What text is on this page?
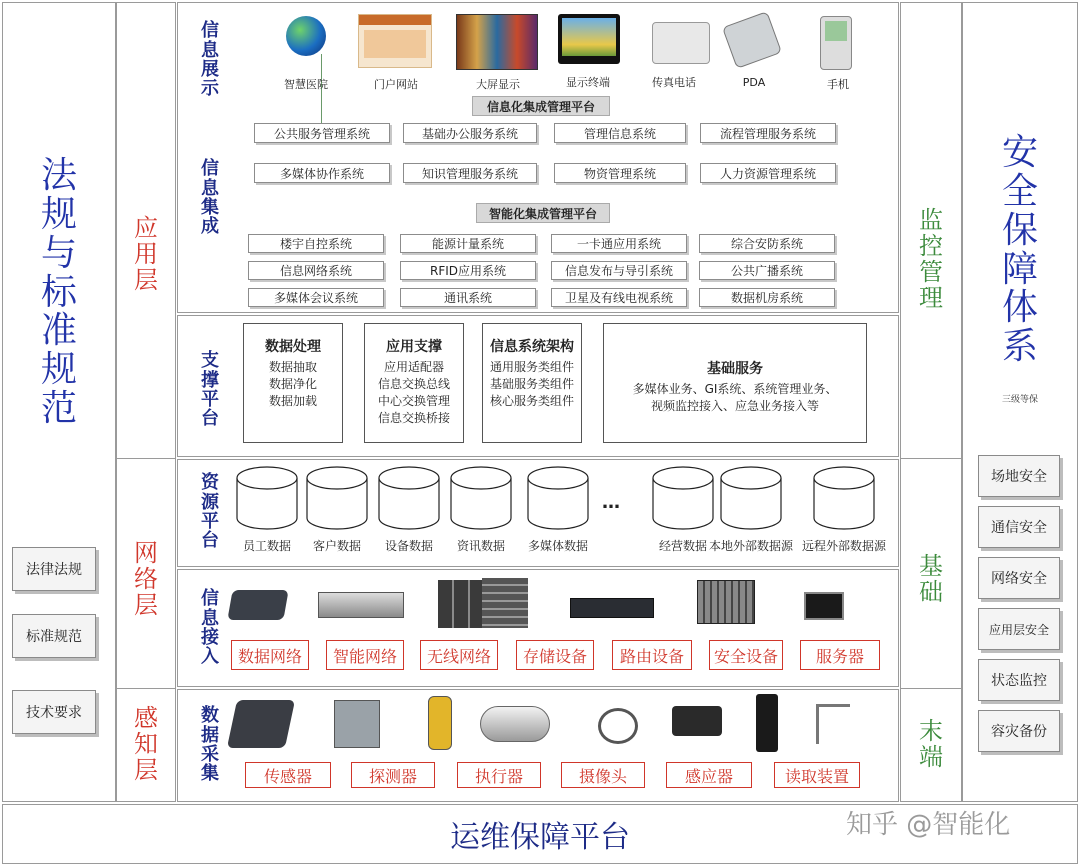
法
规
与
标
准
规
范
法律法规
标准规范
技术要求
应
用
层
网
络
层
感
知
层
监
控
管
理
基
础
末
端
安
全
保
障
体
系
三级等保
场地安全
通信安全
网络安全
应用层安全
状态监控
容灾备份
信
息
展
示
信
息
集
成
支
撑
平
台
资
源
平
台
信
息
接
入
数
据
采
集
智慧医院	门户网站	大屏显示	显示终端	传真电话	PDA	手机
信息化集成管理平台
公共服务管理系统	基础办公服务系统	管理信息系统	流程管理服务系统
多媒体协作系统	知识管理服务系统	物资管理系统	人力资源管理系统
智能化集成管理平台
楼宇自控系统	能源计量系统	一卡通应用系统	综合安防系统
信息网络系统	RFID应用系统	信息发布与导引系统	公共广播系统
多媒体会议系统	通讯系统	卫星及有线电视系统	数据机房系统
数据处理
数据抽取
数据净化
数据加载
应用支撑
应用适配器
信息交换总线
中心交换管理
信息交换桥接
信息系统架构
通用服务类组件
基础服务类组件
核心服务类组件
基础服务
多媒体业务、GI系统、系统管理业务、
视频监控接入、应急业务接入等
员工数据	客户数据	设备数据	资讯数据	多媒体数据	经营数据 本地外部数据源 远程外部数据源
…
数据网络	智能网络	无线网络	存储设备	路由设备	安全设备	服务器
传感器	探测器	执行器	摄像头	感应器	读取装置
运维保障平台	知乎 @智能化
